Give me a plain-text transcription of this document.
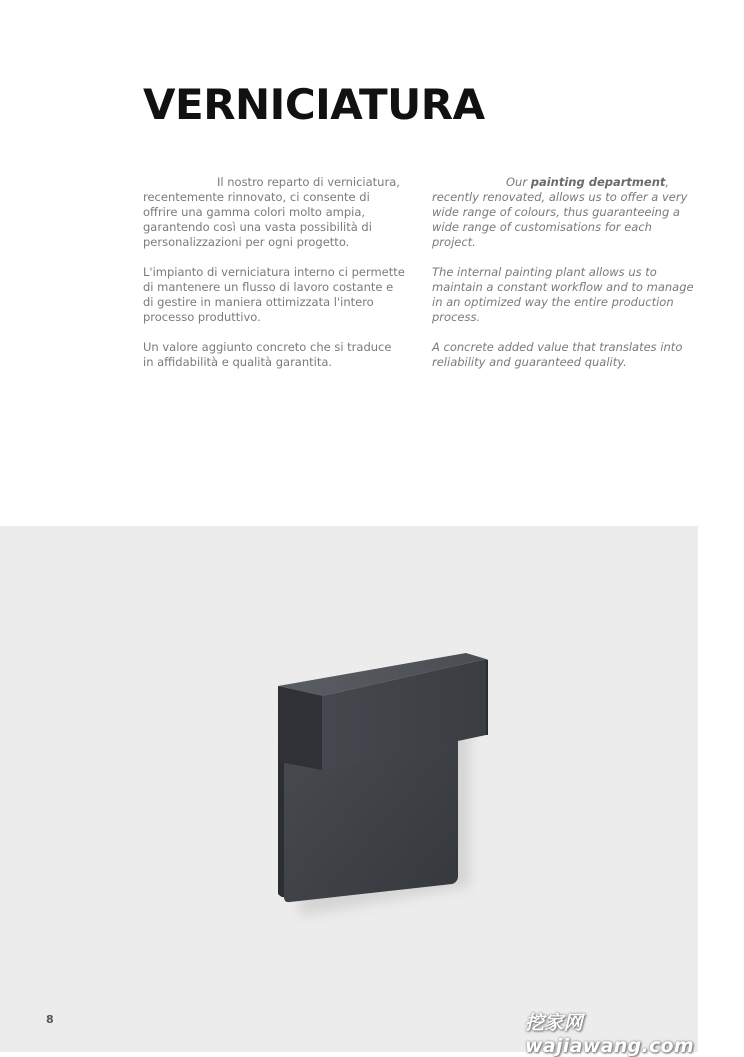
VERNICIATURA

Il nostro reparto di verniciatura, recentemente rinnovato, ci consente di offrire una gamma colori molto ampia, garantendo così una vasta possibilità di personalizzazioni per ogni progetto.

L'impianto di verniciatura interno ci permette di mantenere un flusso di lavoro costante e di gestire in maniera ottimizzata l'intero processo produttivo.

Un valore aggiunto concreto che si traduce in affidabilità e qualità garantita.

Our painting department, recently renovated, allows us to offer a very wide range of colours, thus guaranteeing a wide range of customisations for each project.

The internal painting plant allows us to maintain a constant workflow and to manage in an optimized way the entire production process.

A concrete added value that translates into reliability and guaranteed quality.

8	挖家网 wajiawang.com
